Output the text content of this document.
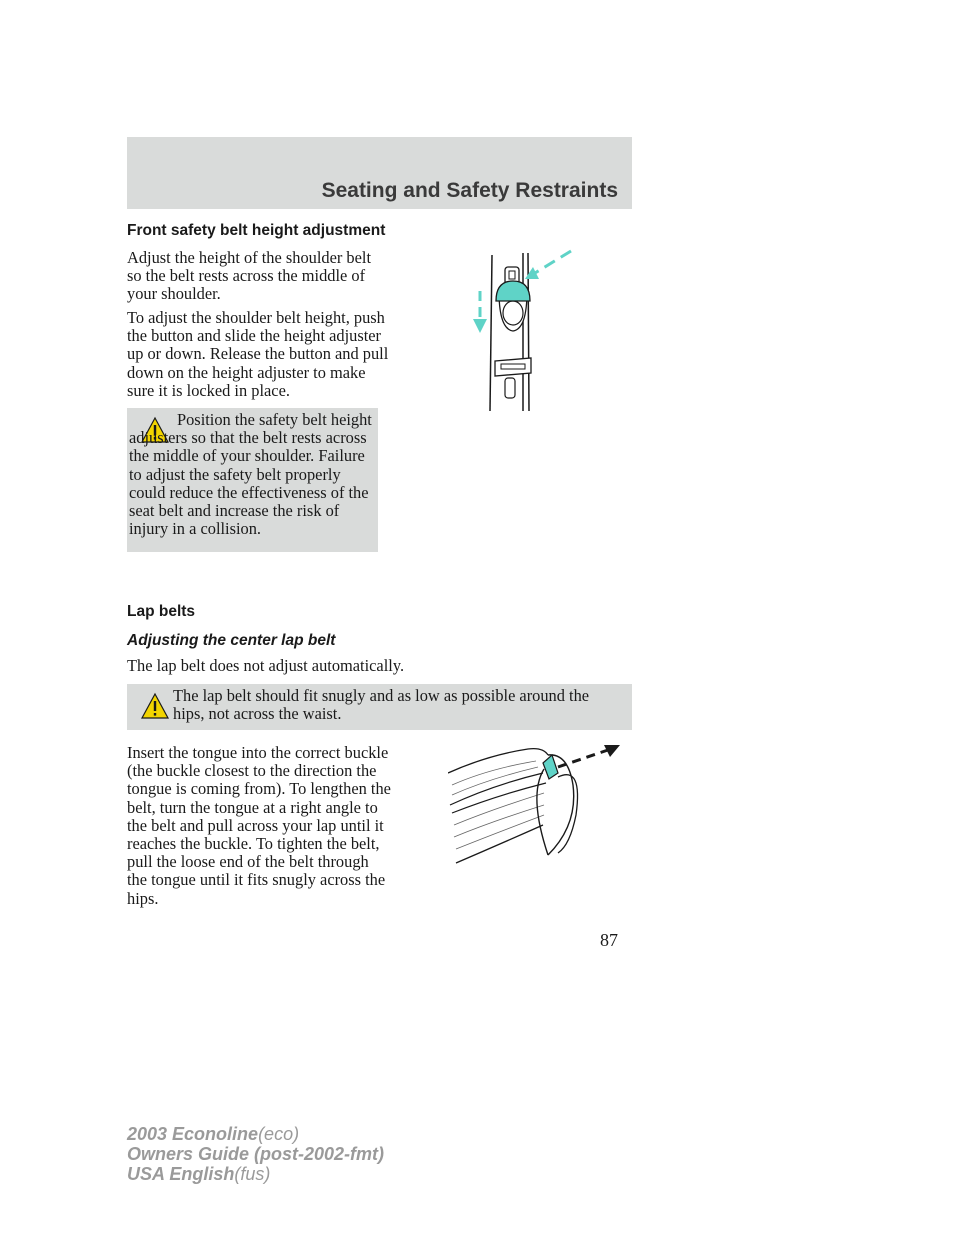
Seating and Safety Restraints
Front safety belt height adjustment
Adjust the height of the shoulder belt so the belt rests across the middle of your shoulder.
To adjust the shoulder belt height, push the button and slide the height adjuster up or down. Release the button and pull down on the height adjuster to make sure it is locked in place.
Position the safety belt height adjusters so that the belt rests across the middle of your shoulder. Failure to adjust the safety belt properly could reduce the effectiveness of the seat belt and increase the risk of injury in a collision.
Lap belts
Adjusting the center lap belt
The lap belt does not adjust automatically.
The lap belt should fit snugly and as low as possible around the hips, not across the waist.
Insert the tongue into the correct buckle (the buckle closest to the direction the tongue is coming from). To lengthen the belt, turn the tongue at a right angle to the belt and pull across your lap until it reaches the buckle. To tighten the belt, pull the loose end of the belt through the tongue until it fits snugly across the hips.
87
2003 Econoline(eco)
Owners Guide (post-2002-fmt)
USA English(fus)
